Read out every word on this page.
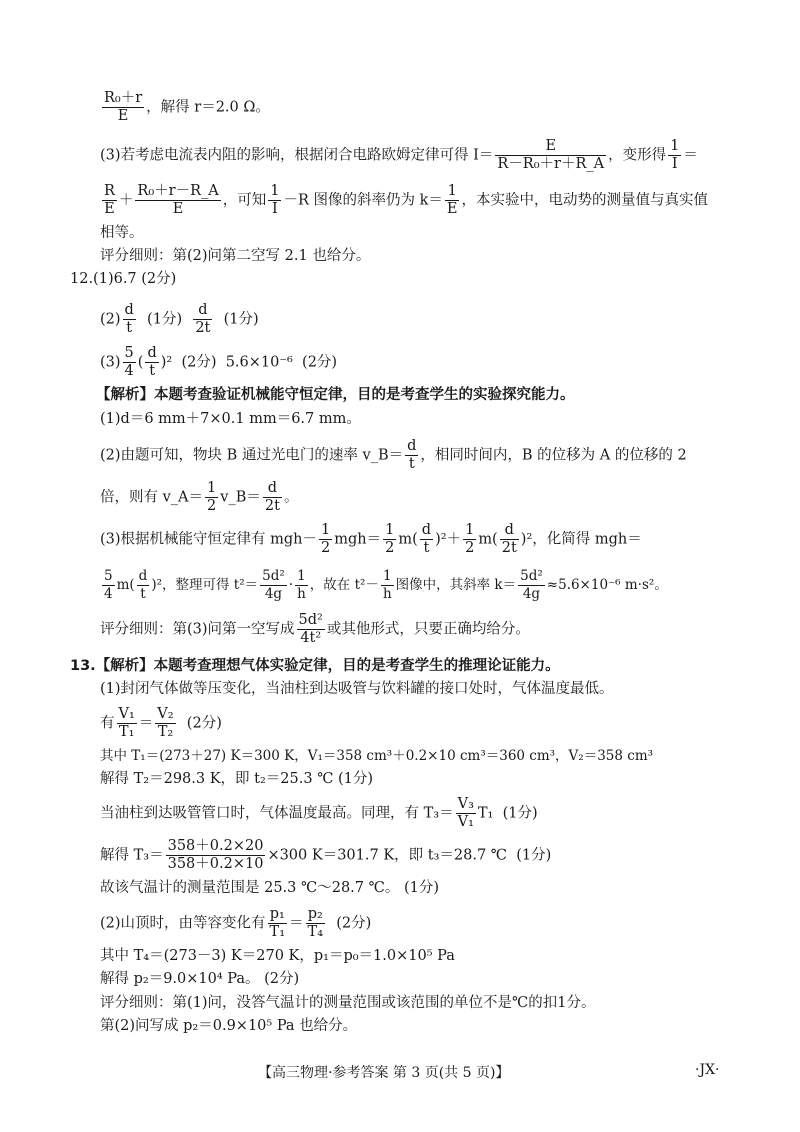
$\frac{\text{R₀＋r}}{E}$ ，解得 r＝2.0 Ω。
(3)若考虑电流表内阻的影响，根据闭合电路欧姆定律可得 $I= \frac{E}{\text{R－R₀＋r＋R\_A}}$ ，变形得 $\frac{1}{I}$ ＝
$\frac{R}{E} + \frac{\text{R₀＋r－R\_A}}{E}$ ，可知 $\frac{1}{I} -R$ 图像的斜率仍为 $k= \frac{1}{E}$ ，本实验中，电动势的测量值与真实值
相等。
评分细则：第(2)问第二空写 2.1 也给分。
12.(1)6.7 (2分)
$(2) \frac{d}{t} (1$分) $\frac{d}{2t} (1$分)
$(3) \frac{5}{4}$ ( $\frac{d}{t} )^2$  (2分)  5.6×10⁻⁶  (2分)
【解析】本题考查验证机械能守恒定律，目的是考查学生的实验探究能力。
(1)d＝6 mm＋7×0.1 mm＝6.7 mm。
(2)由题可知，物块 B 通过光电门的速率 v_B＝ $\frac{d}{t}$ ，相同时间内，B 的位移为 A 的位移的 2
倍，则有 v_A＝ $\frac{1}{2}$ v_B＝ $\frac{d}{2t}$ 。
(3)根据机械能守恒定律有 $mgh- \frac{1}{2} mgh= \frac{1}{2} m( \frac{d}{t} )^2+ \frac{1}{2} m( \frac{d}{2t} )^2$，化简得 mgh＝
$\frac{5}{4} m( \frac{d}{t} )^2$，整理可得 $t^2= \frac{\text{5d²}}{4g} \cdot \frac{1}{h}$ ，故在 $t^2- \frac{1}{h}$ 图像中，其斜率 $k= \frac{\text{5d²}}{4g} \approx 5.6\times 10^{-6}$ m·s²。
评分细则：第(3)问第一空写成 $\frac{\text{5d²}}{\text{4t²}}$ 或其他形式，只要正确均给分。
13.【解析】本题考查理想气体实验定律，目的是考查学生的推理论证能力。
(1)封闭气体做等压变化，当油柱到达吸管与饮料罐的接口处时，气体温度最低。
有 $\frac{\text{V₁}}{\text{T₁}} = \frac{\text{V₂}}{\text{T₂}} (2$分)
其中 T₁＝(273＋27) K＝300 K，V₁＝358 cm³＋0.2×10 cm³＝360 cm³，V₂＝358 cm³
解得 T₂＝298.3 K，即 t₂＝25.3 ℃ (1分)
当油柱到达吸管管口时，气体温度最高。同理，有 $T_3= \frac{\text{V₃}}{\text{V₁}} T_1$  (1分)
解得 $T_3= \frac{358+0.2\times 20}{358+0.2\times 10} \times 300$ K＝301.7 K，即 t₃＝28.7 ℃  (1分)
故该气温计的测量范围是 25.3 ℃～28.7 ℃。 (1分)
(2)山顶时，由等容变化有 $\frac{\text{p₁}}{\text{T₁}} = \frac{\text{p₂}}{\text{T₄}} (2$分)
其中 T₄＝(273－3) K＝270 K，p₁＝p₀＝1.0×10⁵ Pa
解得 p₂＝9.0×10⁴ Pa。 (2分)
评分细则：第(1)问，没答气温计的测量范围或该范围的单位不是℃的扣1分。
第(2)问写成 p₂＝0.9×10⁵ Pa 也给分。
【高三物理·参考答案 第 3 页(共 5 页)】	·JX·
